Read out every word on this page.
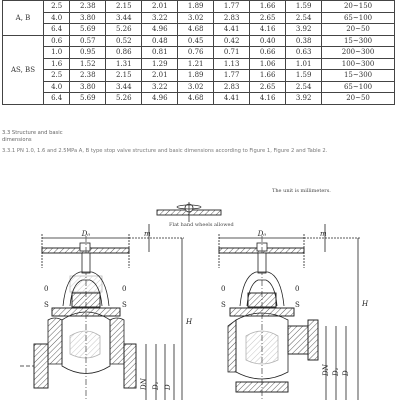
A, B	2.5	2.38	2.15	2.01	1.89	1.77	1.66	1.59	20~150
	4.0	3.80	3.44	3.22	3.02	2.83	2.65	2.54	65~100
	6.4	5.69	5.26	4.96	4.68	4.41	4.16	3.92	20~50
AS, BS	0.6	0.57	0.52	0.48	0.45	0.42	0.40	0.38	15~300
	1.0	0.95	0.86	0.81	0.76	0.71	0.66	0.63	200~300
	1.6	1.52	1.31	1.29	1.21	1.13	1.06	1.01	100~300
	2.5	2.38	2.15	2.01	1.89	1.77	1.66	1.59	15~300
	4.0	3.80	3.44	3.22	3.02	2.83	2.65	2.54	65~100
	6.4	5.69	5.26	4.96	4.68	4.41	4.16	3.92	20~50
3.3 Structure and basic dimensions
3.3.1 PN 1.0, 1.6 and 2.5MPa A, B type stop valve structure and basic dimensions according to Figure 1, Figure 2 and Table 2.
Flat hand wheels allowed
The unit is millimeters.
D₀	m
0
S
0
S
H
DN D₁ D
D₀	m
0
S
0
S	H
DN D₁ D
